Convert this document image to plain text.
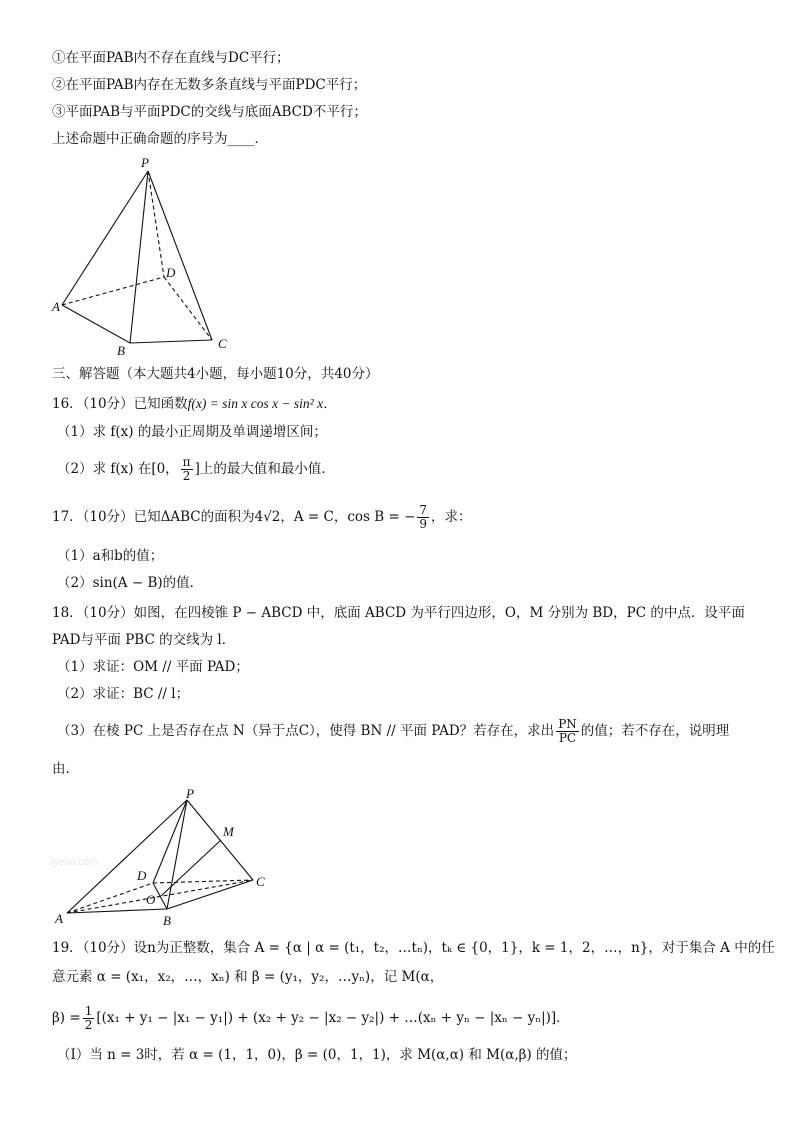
①在平面PAB内不存在直线与DC平行；
②在平面PAB内存在无数多条直线与平面PDC平行；
③平面PAB与平面PDC的交线与底面ABCD不平行；
上述命题中正确命题的序号为____．
P
D
A
B	C
三、解答题（本大题共4小题，每小题10分，共40分）
16．（10分）已知函数f(x) = sin x cos x − sin² x．
（1）求 f(x) 的最小正周期及单调递增区间；
（2）求 f(x) 在[0， $\frac{\pi}{2}$ ]上的最大值和最小值．
17．（10分）已知ΔABC的面积为4√2，A = C，cos B = − $\frac{7}{9}$ ，求：
（1）a和b的值；
（2）sin(A − B)的值．
18．（10分）如图，在四棱锥 P − ABCD 中，底面 ABCD 为平行四边形，O，M 分别为 BD，PC 的中点．设平面
PAD与平面 PBC 的交线为 l．
（1）求证：OM // 平面 PAD；
（2）求证：BC // l；
（3）在棱 PC 上是否存在点 N（异于点C），使得 BN // 平面 PAD？若存在，求出 $\frac{PN}{PC}$ 的值；若不存在，说明理
由．
Jyeoo.com
P
M
D	C
O
A	B
19．（10分）设n为正整数，集合 A = {α | α = (t₁，t₂，…tₙ)，tₖ ∈ {0，1}，k = 1，2，…，n}，对于集合 A 中的任
意元素 α = (x₁，x₂，…，xₙ) 和 β = (y₁，y₂，…yₙ)，记 M(α，
$\beta) = \frac{1}{2} [(x_1 + y_1 - |x_1 - y_1|) + (x_2 + y_2 - |x_2 - y_2|)$ + …(xₙ + yₙ − |xₙ − yₙ|)]．
（Ⅰ）当 n = 3时，若 α = (1，1，0)，β = (0，1，1)，求 M(α,α) 和 M(α,β) 的值；
